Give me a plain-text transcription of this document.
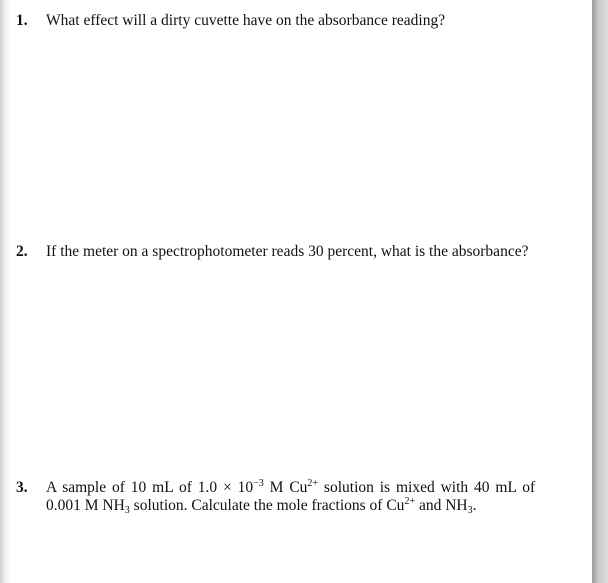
1. What effect will a dirty cuvette have on the absorbance reading?
2. If the meter on a spectrophotometer reads 30 percent, what is the absorbance?
3. A sample of 10 mL of $1.0 \times 10^{-3}$ M $Cu^{2+}$ solution is mixed with 40 mL of
0.001 M $NH_3$ solution. Calculate the mole fractions of $Cu^{2+}$ and $NH_3$.
